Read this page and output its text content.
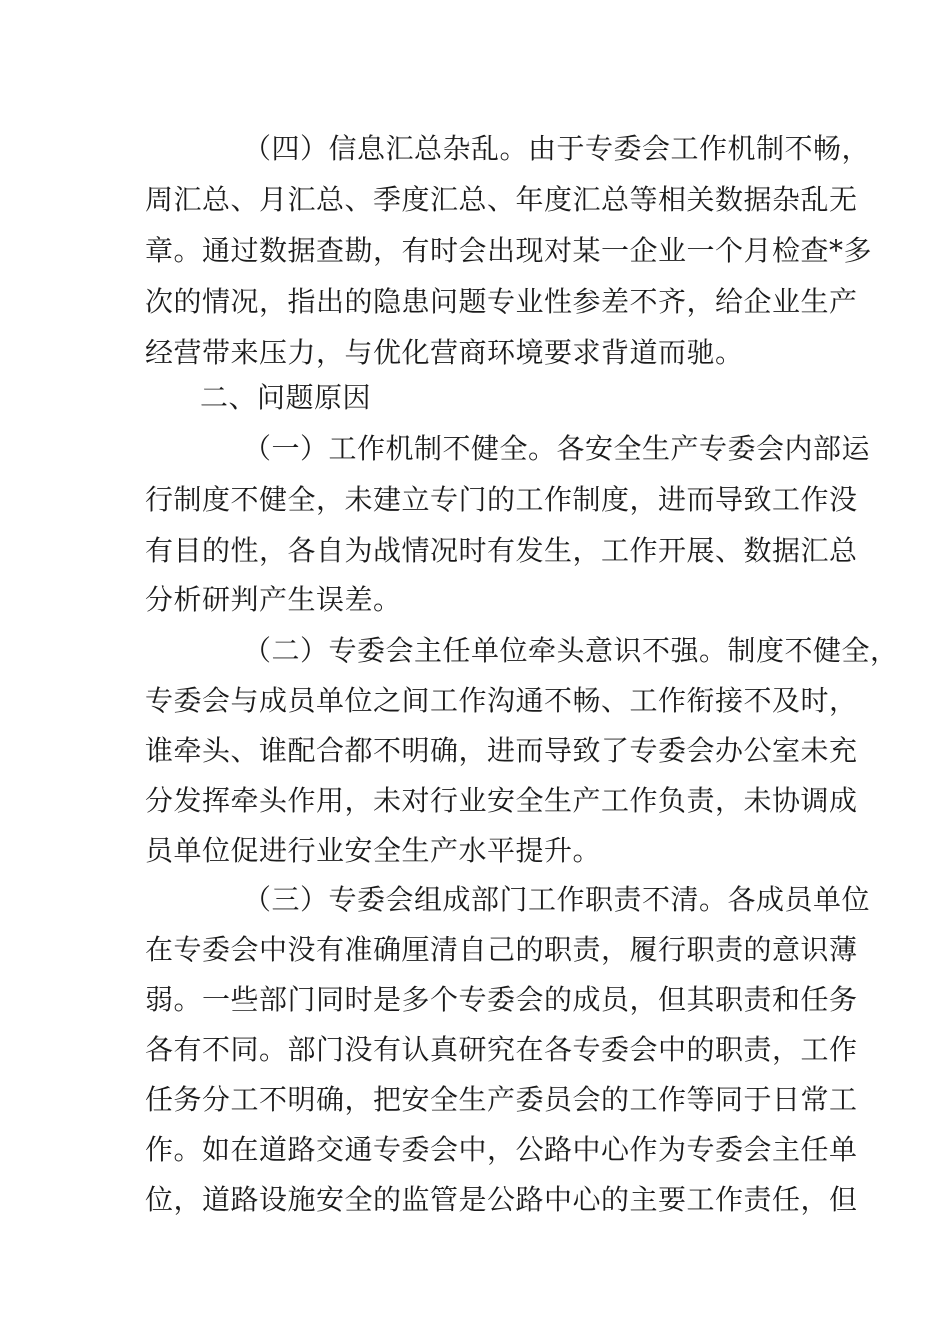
（四）信息汇总杂乱。由于专委会工作机制不畅，
周汇总、月汇总、季度汇总、年度汇总等相关数据杂乱无
章。通过数据查勘，有时会出现对某一企业一个月检查*多
次的情况，指出的隐患问题专业性参差不齐，给企业生产
经营带来压力，与优化营商环境要求背道而驰。
二、问题原因
（一）工作机制不健全。各安全生产专委会内部运
行制度不健全，未建立专门的工作制度，进而导致工作没
有目的性，各自为战情况时有发生，工作开展、数据汇总
分析研判产生误差。
（二）专委会主任单位牵头意识不强。制度不健全，
专委会与成员单位之间工作沟通不畅、工作衔接不及时，
谁牵头、谁配合都不明确，进而导致了专委会办公室未充
分发挥牵头作用，未对行业安全生产工作负责，未协调成
员单位促进行业安全生产水平提升。
（三）专委会组成部门工作职责不清。各成员单位
在专委会中没有准确厘清自己的职责，履行职责的意识薄
弱。一些部门同时是多个专委会的成员，但其职责和任务
各有不同。部门没有认真研究在各专委会中的职责，工作
任务分工不明确，把安全生产委员会的工作等同于日常工
作。如在道路交通专委会中，公路中心作为专委会主任单
位，道路设施安全的监管是公路中心的主要工作责任，但
